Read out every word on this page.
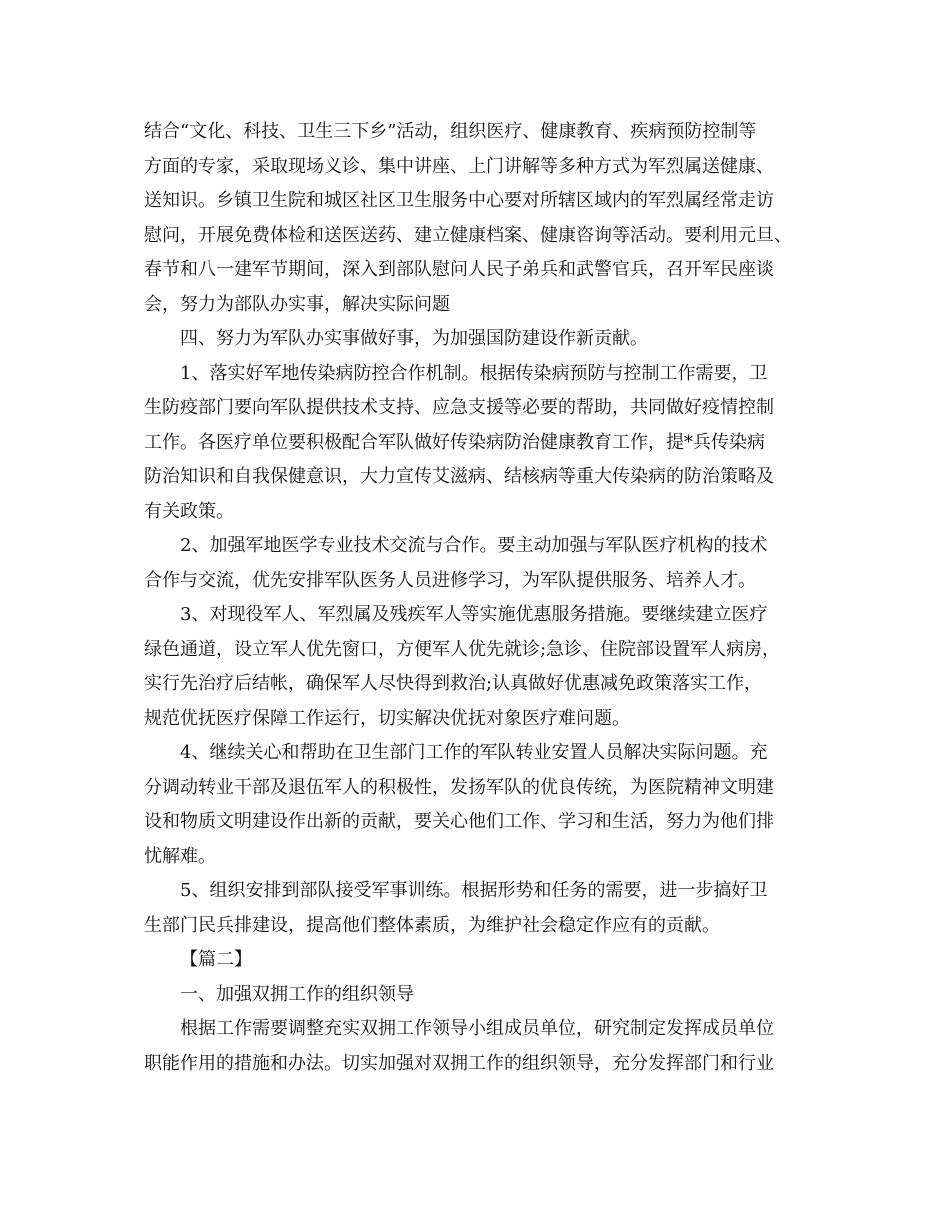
结合“文化、科技、卫生三下乡”活动，组织医疗、健康教育、疾病预防控制等
方面的专家，采取现场义诊、集中讲座、上门讲解等多种方式为军烈属送健康、
送知识。乡镇卫生院和城区社区卫生服务中心要对所辖区域内的军烈属经常走访
慰问，开展免费体检和送医送药、建立健康档案、健康咨询等活动。要利用元旦、
春节和八一建军节期间，深入到部队慰问人民子弟兵和武警官兵，召开军民座谈
会，努力为部队办实事，解决实际问题
四、努力为军队办实事做好事，为加强国防建设作新贡献。
1、落实好军地传染病防控合作机制。根据传染病预防与控制工作需要，卫
生防疫部门要向军队提供技术支持、应急支援等必要的帮助，共同做好疫情控制
工作。各医疗单位要积极配合军队做好传染病防治健康教育工作，提*兵传染病
防治知识和自我保健意识，大力宣传艾滋病、结核病等重大传染病的防治策略及
有关政策。
2、加强军地医学专业技术交流与合作。要主动加强与军队医疗机构的技术
合作与交流，优先安排军队医务人员进修学习，为军队提供服务、培养人才。
3、对现役军人、军烈属及残疾军人等实施优惠服务措施。要继续建立医疗
绿色通道，设立军人优先窗口，方便军人优先就诊;急诊、住院部设置军人病房，
实行先治疗后结帐，确保军人尽快得到救治;认真做好优惠减免政策落实工作，
规范优抚医疗保障工作运行，切实解决优抚对象医疗难问题。
4、继续关心和帮助在卫生部门工作的军队转业安置人员解决实际问题。充
分调动转业干部及退伍军人的积极性，发扬军队的优良传统，为医院精神文明建
设和物质文明建设作出新的贡献，要关心他们工作、学习和生活，努力为他们排
忧解难。
5、组织安排到部队接受军事训练。根据形势和任务的需要，进一步搞好卫
生部门民兵排建设，提高他们整体素质，为维护社会稳定作应有的贡献。
【篇二】
一、加强双拥工作的组织领导
根据工作需要调整充实双拥工作领导小组成员单位，研究制定发挥成员单位
职能作用的措施和办法。切实加强对双拥工作的组织领导，充分发挥部门和行业
